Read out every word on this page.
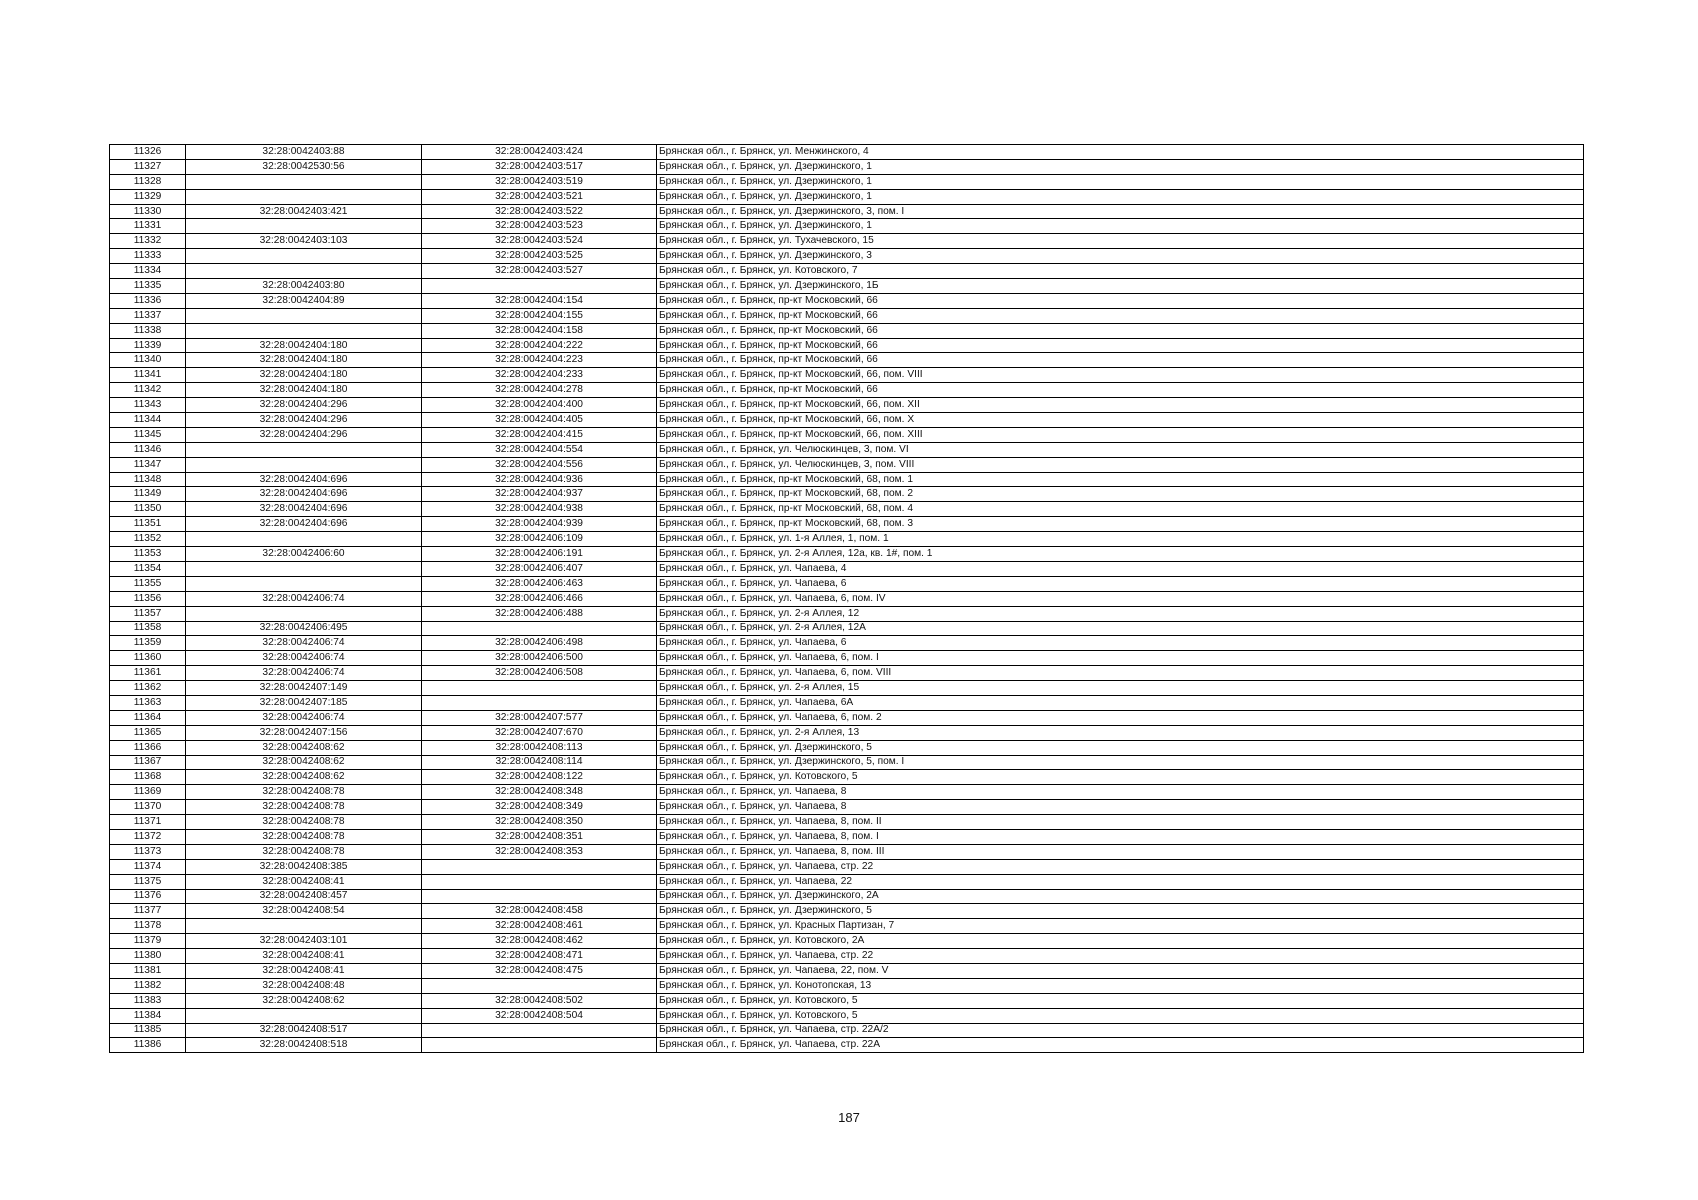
11326	32:28:0042403:88	32:28:0042403:424	Брянская обл., г. Брянск, ул. Менжинского, 4
11327	32:28:0042530:56	32:28:0042403:517	Брянская обл., г. Брянск, ул. Дзержинского, 1
11328		32:28:0042403:519	Брянская обл., г. Брянск, ул. Дзержинского, 1
11329		32:28:0042403:521	Брянская обл., г. Брянск, ул. Дзержинского, 1
11330	32:28:0042403:421	32:28:0042403:522	Брянская обл., г. Брянск, ул. Дзержинского, 3, пом. I
11331		32:28:0042403:523	Брянская обл., г. Брянск, ул. Дзержинского, 1
11332	32:28:0042403:103	32:28:0042403:524	Брянская обл., г. Брянск, ул. Тухачевского, 15
11333		32:28:0042403:525	Брянская обл., г. Брянск, ул. Дзержинского, 3
11334		32:28:0042403:527	Брянская обл., г. Брянск, ул. Котовского, 7
11335	32:28:0042403:80		Брянская обл., г. Брянск, ул. Дзержинского, 1Б
11336	32:28:0042404:89	32:28:0042404:154	Брянская обл., г. Брянск, пр-кт Московский, 66
11337		32:28:0042404:155	Брянская обл., г. Брянск, пр-кт Московский, 66
11338		32:28:0042404:158	Брянская обл., г. Брянск, пр-кт Московский, 66
11339	32:28:0042404:180	32:28:0042404:222	Брянская обл., г. Брянск, пр-кт Московский, 66
11340	32:28:0042404:180	32:28:0042404:223	Брянская обл., г. Брянск, пр-кт Московский, 66
11341	32:28:0042404:180	32:28:0042404:233	Брянская обл., г. Брянск, пр-кт Московский, 66, пом. VIII
11342	32:28:0042404:180	32:28:0042404:278	Брянская обл., г. Брянск, пр-кт Московский, 66
11343	32:28:0042404:296	32:28:0042404:400	Брянская обл., г. Брянск, пр-кт Московский, 66, пом. XII
11344	32:28:0042404:296	32:28:0042404:405	Брянская обл., г. Брянск, пр-кт Московский, 66, пом. X
11345	32:28:0042404:296	32:28:0042404:415	Брянская обл., г. Брянск, пр-кт Московский, 66, пом. XIII
11346		32:28:0042404:554	Брянская обл., г. Брянск, ул. Челюскинцев, 3, пом. VI
11347		32:28:0042404:556	Брянская обл., г. Брянск, ул. Челюскинцев, 3, пом. VIII
11348	32:28:0042404:696	32:28:0042404:936	Брянская обл., г. Брянск, пр-кт Московский, 68, пом. 1
11349	32:28:0042404:696	32:28:0042404:937	Брянская обл., г. Брянск, пр-кт Московский, 68, пом. 2
11350	32:28:0042404:696	32:28:0042404:938	Брянская обл., г. Брянск, пр-кт Московский, 68, пом. 4
11351	32:28:0042404:696	32:28:0042404:939	Брянская обл., г. Брянск, пр-кт Московский, 68, пом. 3
11352		32:28:0042406:109	Брянская обл., г. Брянск, ул. 1-я Аллея, 1, пом. 1
11353	32:28:0042406:60	32:28:0042406:191	Брянская обл., г. Брянск, ул. 2-я Аллея, 12а, кв. 1#, пом. 1
11354		32:28:0042406:407	Брянская обл., г. Брянск, ул. Чапаева, 4
11355		32:28:0042406:463	Брянская обл., г. Брянск, ул. Чапаева, 6
11356	32:28:0042406:74	32:28:0042406:466	Брянская обл., г. Брянск, ул. Чапаева, 6, пом. IV
11357		32:28:0042406:488	Брянская обл., г. Брянск, ул. 2-я Аллея, 12
11358	32:28:0042406:495		Брянская обл., г. Брянск, ул. 2-я Аллея, 12А
11359	32:28:0042406:74	32:28:0042406:498	Брянская обл., г. Брянск, ул. Чапаева, 6
11360	32:28:0042406:74	32:28:0042406:500	Брянская обл., г. Брянск, ул. Чапаева, 6, пом. I
11361	32:28:0042406:74	32:28:0042406:508	Брянская обл., г. Брянск, ул. Чапаева, 6, пом. VIII
11362	32:28:0042407:149		Брянская обл., г. Брянск, ул. 2-я Аллея, 15
11363	32:28:0042407:185		Брянская обл., г. Брянск, ул. Чапаева, 6А
11364	32:28:0042406:74	32:28:0042407:577	Брянская обл., г. Брянск, ул. Чапаева, 6, пом. 2
11365	32:28:0042407:156	32:28:0042407:670	Брянская обл., г. Брянск, ул. 2-я Аллея, 13
11366	32:28:0042408:62	32:28:0042408:113	Брянская обл., г. Брянск, ул. Дзержинского, 5
11367	32:28:0042408:62	32:28:0042408:114	Брянская обл., г. Брянск, ул. Дзержинского, 5, пом. I
11368	32:28:0042408:62	32:28:0042408:122	Брянская обл., г. Брянск, ул. Котовского, 5
11369	32:28:0042408:78	32:28:0042408:348	Брянская обл., г. Брянск, ул. Чапаева, 8
11370	32:28:0042408:78	32:28:0042408:349	Брянская обл., г. Брянск, ул. Чапаева, 8
11371	32:28:0042408:78	32:28:0042408:350	Брянская обл., г. Брянск, ул. Чапаева, 8, пом. II
11372	32:28:0042408:78	32:28:0042408:351	Брянская обл., г. Брянск, ул. Чапаева, 8, пом. I
11373	32:28:0042408:78	32:28:0042408:353	Брянская обл., г. Брянск, ул. Чапаева, 8, пом. III
11374	32:28:0042408:385		Брянская обл., г. Брянск, ул. Чапаева, стр. 22
11375	32:28:0042408:41		Брянская обл., г. Брянск, ул. Чапаева, 22
11376	32:28:0042408:457		Брянская обл., г. Брянск, ул. Дзержинского, 2А
11377	32:28:0042408:54	32:28:0042408:458	Брянская обл., г. Брянск, ул. Дзержинского, 5
11378		32:28:0042408:461	Брянская обл., г. Брянск, ул. Красных Партизан, 7
11379	32:28:0042403:101	32:28:0042408:462	Брянская обл., г. Брянск, ул. Котовского, 2А
11380	32:28:0042408:41	32:28:0042408:471	Брянская обл., г. Брянск, ул. Чапаева, стр. 22
11381	32:28:0042408:41	32:28:0042408:475	Брянская обл., г. Брянск, ул. Чапаева, 22, пом. V
11382	32:28:0042408:48		Брянская обл., г. Брянск, ул. Конотопская, 13
11383	32:28:0042408:62	32:28:0042408:502	Брянская обл., г. Брянск, ул. Котовского, 5
11384		32:28:0042408:504	Брянская обл., г. Брянск, ул. Котовского, 5
11385	32:28:0042408:517		Брянская обл., г. Брянск, ул. Чапаева, стр. 22А/2
11386	32:28:0042408:518		Брянская обл., г. Брянск, ул. Чапаева, стр. 22А
187
